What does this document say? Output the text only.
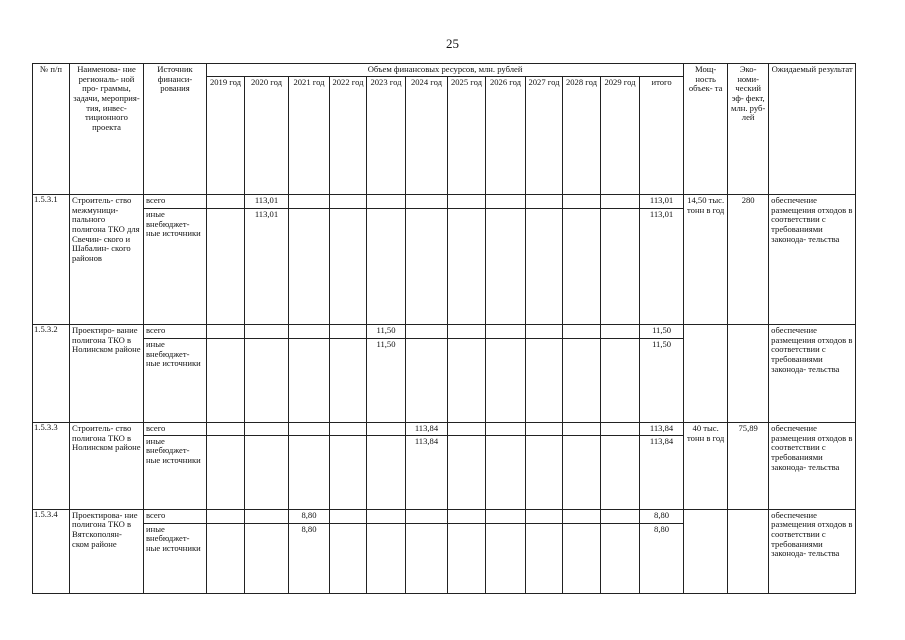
25
№ п/п	Наименова- ние региональ- ной про- граммы, задачи, мероприя- тия, инвес- тиционного проекта	Источник финанси- рования	Объем финансовых ресурсов, млн. рублей												Мощ- ность объек- та	Эко- номи- ческий эф- фект, млн. руб- лей	Ожидаемый результат
			2019 год	2020 год	2021 год	2022 год	2023 год	2024 год	2025 год	2026 год	2027 год	2028 год	2029 год	итого			
1.5.3.1	Строитель- ство межмуници- пального полигона ТКО для Свечин- ского и Шабалин- ского районов	всего		113,01										113,01	14,50 тыс. тонн в год	280	обеспечение размещения отходов в соответствии с требованиями законода- тельства
		иные внебюджет- ные источники		113,01										113,01			
1.5.3.2	Проектиро- вание полигона ТКО в Нолинском районе	всего					11,50							11,50			обеспечение размещения отходов в соответствии с требованиями законода- тельства
		иные внебюджет- ные источники					11,50							11,50			
1.5.3.3	Строитель- ство полигона ТКО в Нолинском районе	всего						113,84						113,84	40 тыс. тонн в год	75,89	обеспечение размещения отходов в соответствии с требованиями законода- тельства
		иные внебюджет- ные источники						113,84						113,84			
1.5.3.4	Проектирова- ние полигона ТКО в Вятскополян- ском районе	всего			8,80									8,80			обеспечение размещения отходов в соответствии с требованиями законода- тельства
		иные внебюджет- ные источники			8,80									8,80			
